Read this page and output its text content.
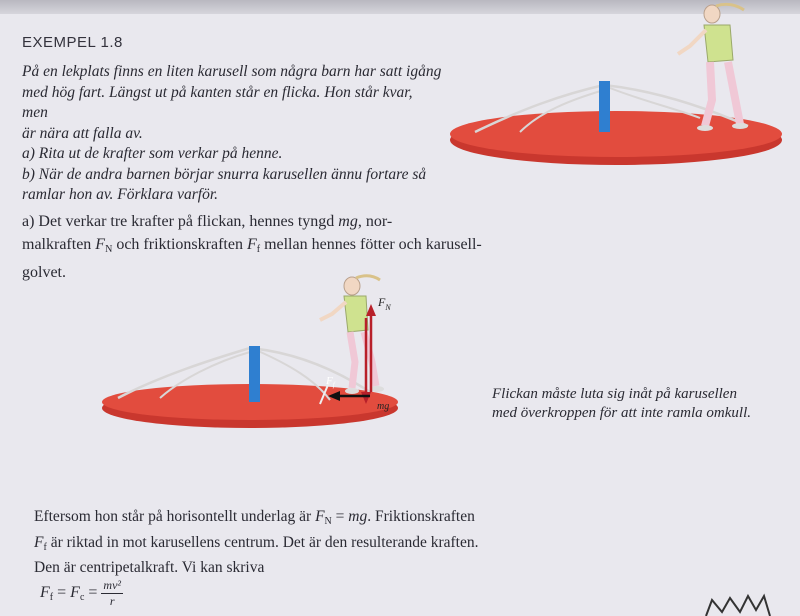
EXEMPEL 1.8

På en lekplats finns en liten karusell som några barn har satt igång

med hög fart. Längst ut på kanten står en flicka. Hon står kvar, men

är nära att falla av.

a) Rita ut de krafter som verkar på henne.

b) När de andra barnen börjar snurra karusellen ännu fortare så

ramlar hon av. Förklara varför.

a) Det verkar tre krafter på flickan, hennes tyngd mg, nor-
malkraften $F_N$ och friktionskraften $F_f$ mellan hennes fötter och karusell-
golvet.
$F_N$
$F_f$
mg
Flickan måste luta sig inåt på karusellen
med överkroppen för att inte ramla omkull.
Eftersom hon står på horisontellt underlag är $F_N$ = mg. Friktionskraften
$F_f$ är riktad in mot karusellens centrum. Det är den resulterande kraften.
Den är centripetalkraft. Vi kan skriva
$F_f = F_c = \frac{\text{mv²}}{r}$
